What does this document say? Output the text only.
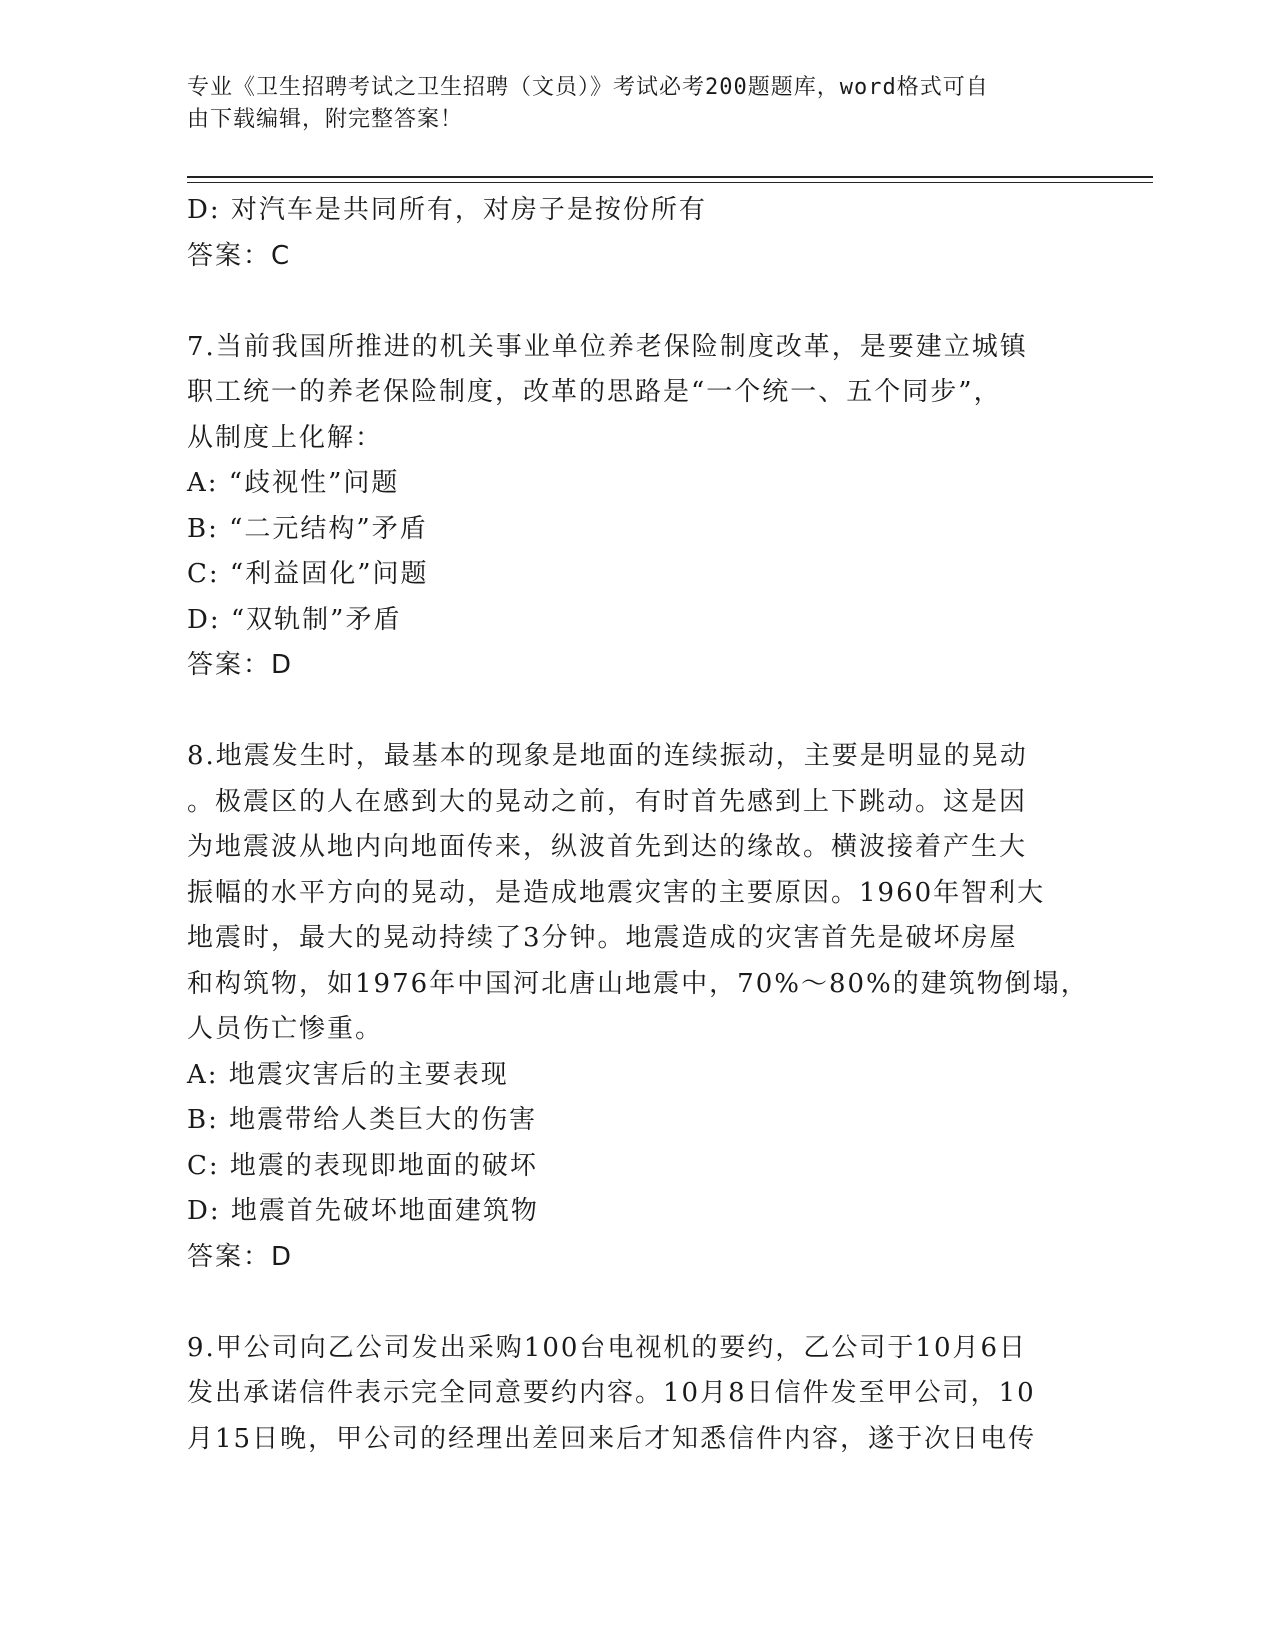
专业《卫生招聘考试之卫生招聘（文员）》考试必考200题题库，word格式可自
由下载编辑，附完整答案！
D: 对汽车是共同所有，对房子是按份所有
答案：C
7.当前我国所推进的机关事业单位养老保险制度改革，是要建立城镇
职工统一的养老保险制度，改革的思路是“一个统一、五个同步”，
从制度上化解：
A: “歧视性”问题
B: “二元结构”矛盾
C: “利益固化”问题
D: “双轨制”矛盾
答案：D
8.地震发生时，最基本的现象是地面的连续振动，主要是明显的晃动
。极震区的人在感到大的晃动之前，有时首先感到上下跳动。这是因
为地震波从地内向地面传来，纵波首先到达的缘故。横波接着产生大
振幅的水平方向的晃动，是造成地震灾害的主要原因。1960年智利大
地震时，最大的晃动持续了3分钟。地震造成的灾害首先是破坏房屋
和构筑物，如1976年中国河北唐山地震中，70%～80%的建筑物倒塌，
人员伤亡惨重。
A: 地震灾害后的主要表现
B: 地震带给人类巨大的伤害
C: 地震的表现即地面的破坏
D: 地震首先破坏地面建筑物
答案：D
9.甲公司向乙公司发出采购100台电视机的要约，乙公司于10月6日
发出承诺信件表示完全同意要约内容。10月8日信件发至甲公司，10
月15日晚，甲公司的经理出差回来后才知悉信件内容，遂于次日电传
